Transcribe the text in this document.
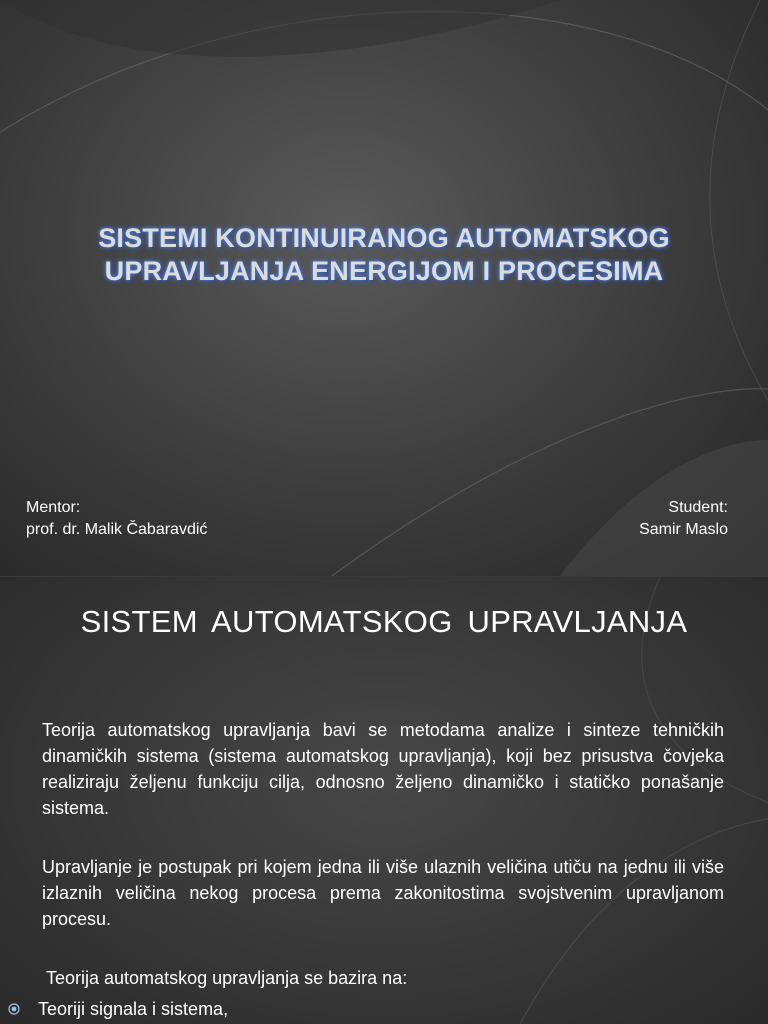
SISTEMI KONTINUIRANOG AUTOMATSKOG UPRAVLJANJA ENERGIJOM I PROCESIMA
Mentor:
prof. dr. Malik Čabaravdić
Student:
Samir Maslo
SISTEM AUTOMATSKOG UPRAVLJANJA
Teorija automatskog upravljanja bavi se metodama analize i sinteze tehničkih dinamičkih sistema (sistema automatskog upravljanja), koji bez prisustva čovjeka realiziraju željenu funkciju cilja, odnosno željeno dinamičko i statičko ponašanje sistema.
Upravljanje je postupak pri kojem jedna ili više ulaznih veličina utiču na jednu ili više izlaznih veličina nekog procesa prema zakonitostima svojstvenim upravljanom procesu.
Teorija automatskog upravljanja se bazira na:
Teoriji signala i sistema,
